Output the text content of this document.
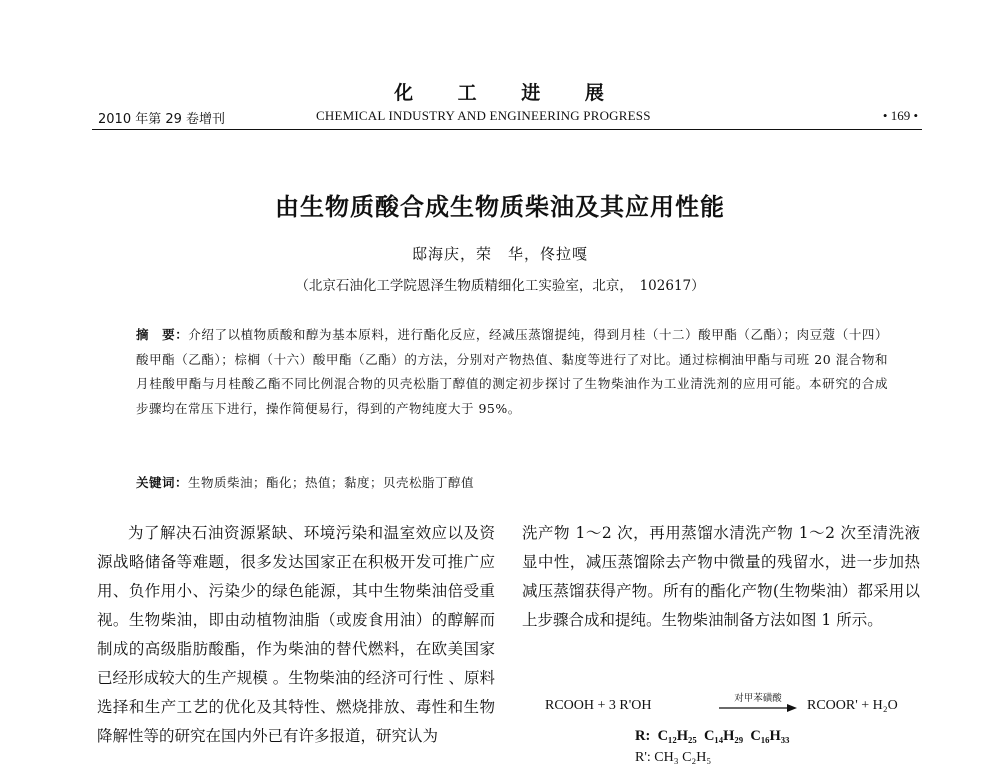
化 工 进 展
2010 年第 29 卷增刊	CHEMICAL INDUSTRY AND ENGINEERING PROGRESS	• 169 •
由生物质酸合成生物质柴油及其应用性能
邸海庆，荣　华，佟拉嘎
（北京石油化工学院恩泽生物质精细化工实验室，北京，　102617）
摘　要：介绍了以植物质酸和醇为基本原料，进行酯化反应，经减压蒸馏提纯，得到月桂（十二）酸甲酯（乙酯）；肉豆蔻（十四）酸甲酯（乙酯）；棕榈（十六）酸甲酯（乙酯）的方法，分别对产物热值、黏度等进行了对比。通过棕榈油甲酯与司班 20 混合物和月桂酸甲酯与月桂酸乙酯不同比例混合物的贝壳松脂丁醇值的测定初步探讨了生物柴油作为工业清洗剂的应用可能。本研究的合成步骤均在常压下进行，操作简便易行，得到的产物纯度大于 95%。
关键词：生物质柴油；酯化；热值；黏度；贝壳松脂丁醇值
为了解决石油资源紧缺、环境污染和温室效应以及资源战略储备等难题，很多发达国家正在积极开发可推广应用、负作用小、污染少的绿色能源，其中生物柴油倍受重视。生物柴油，即由动植物油脂（或废食用油）的醇解而制成的高级脂肪酸酯，作为柴油的替代燃料，在欧美国家已经形成较大的生产规模 。生物柴油的经济可行性 、原料选择和生产工艺的优化及其特性、燃烧排放、毒性和生物降解性等的研究在国内外已有许多报道，研究认为
洗产物 1～2 次，再用蒸馏水清洗产物 1～2 次至清洗液显中性，减压蒸馏除去产物中微量的残留水，进一步加热减压蒸馏获得产物。所有的酯化产物(生物柴油）都采用以上步骤合成和提纯。生物柴油制备方法如图 1 所示。
RCOOH + 3 R'OH	对甲苯磺酸	RCOOR' + H₂O
R: C₁₂H₂₅ C₁₄H₂₉ C₁₆H₃₃
R': CH₃ C₂H₅
